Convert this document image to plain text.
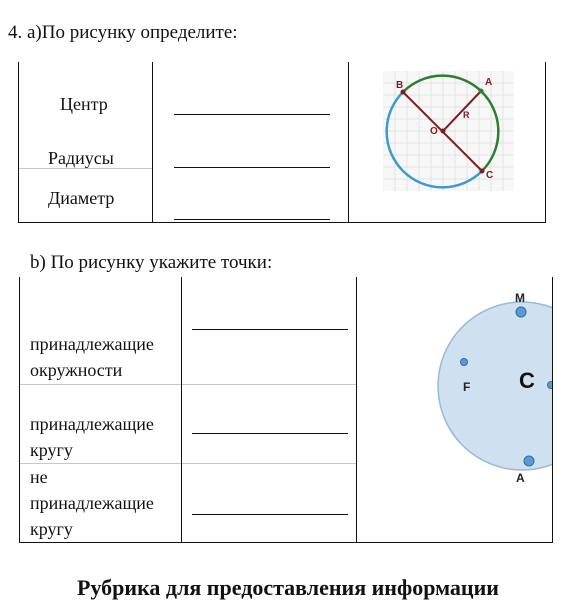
4. а)По рисунку определите:
Центр
Радиусы
Диаметр
B	A
R
O
C
b) По рисунку укажите точки:
принадлежащие
окружности
принадлежащие
кругу
не
принадлежащие
кругу
M
F C
A
Рубрика для предоставления информации
